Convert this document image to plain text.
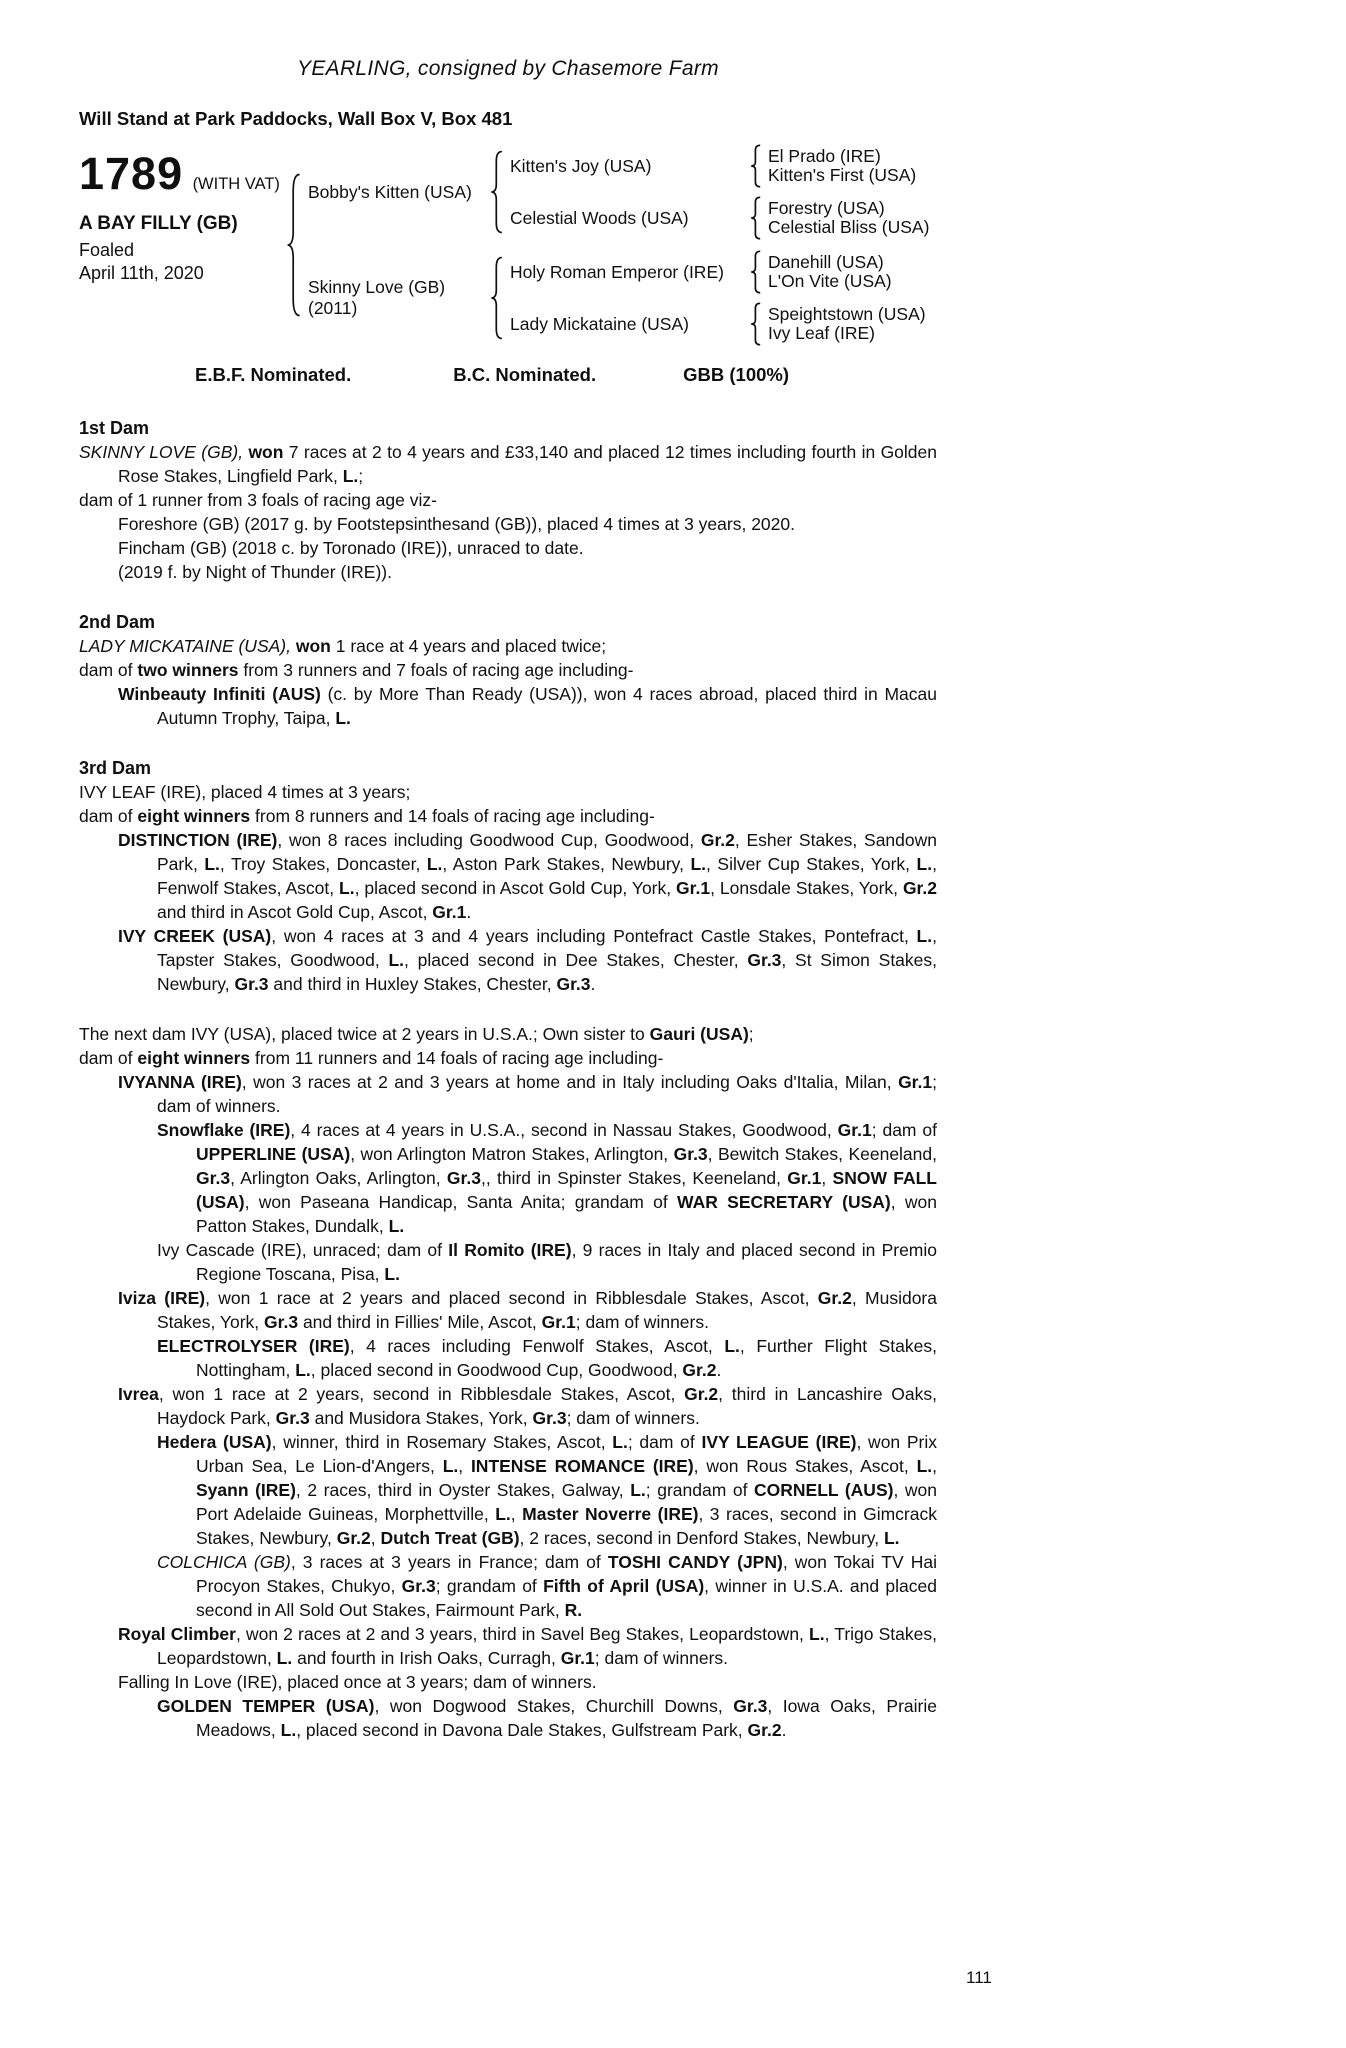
YEARLING, consigned by Chasemore Farm
Will Stand at Park Paddocks, Wall Box V, Box 481
1789 (WITH VAT)
A BAY FILLY (GB)
Foaled
April 11th, 2020
Bobby's Kitten (USA)
Kitten's Joy (USA)	El Prado (IRE)
Kitten's First (USA)
Celestial Woods (USA)	Forestry (USA)
Celestial Bliss (USA)
Skinny Love (GB)
(2011)
Holy Roman Emperor (IRE)	Danehill (USA)
L'On Vite (USA)
Lady Mickataine (USA)	Speightstown (USA)
Ivy Leaf (IRE)
E.B.F. Nominated.	B.C. Nominated.	GBB (100%)
1st Dam
SKINNY LOVE (GB), won 7 races at 2 to 4 years and £33,140 and placed 12 times including fourth in Golden Rose Stakes, Lingfield Park, L.;
dam of 1 runner from 3 foals of racing age viz-
Foreshore (GB) (2017 g. by Footstepsinthesand (GB)), placed 4 times at 3 years, 2020.
Fincham (GB) (2018 c. by Toronado (IRE)), unraced to date.
(2019 f. by Night of Thunder (IRE)).
2nd Dam
LADY MICKATAINE (USA), won 1 race at 4 years and placed twice;
dam of two winners from 3 runners and 7 foals of racing age including-
Winbeauty Infiniti (AUS) (c. by More Than Ready (USA)), won 4 races abroad, placed third in Macau Autumn Trophy, Taipa, L.
3rd Dam
IVY LEAF (IRE), placed 4 times at 3 years;
dam of eight winners from 8 runners and 14 foals of racing age including-
DISTINCTION (IRE), won 8 races including Goodwood Cup, Goodwood, Gr.2, Esher Stakes, Sandown Park, L., Troy Stakes, Doncaster, L., Aston Park Stakes, Newbury, L., Silver Cup Stakes, York, L., Fenwolf Stakes, Ascot, L., placed second in Ascot Gold Cup, York, Gr.1, Lonsdale Stakes, York, Gr.2 and third in Ascot Gold Cup, Ascot, Gr.1.
IVY CREEK (USA), won 4 races at 3 and 4 years including Pontefract Castle Stakes, Pontefract, L., Tapster Stakes, Goodwood, L., placed second in Dee Stakes, Chester, Gr.3, St Simon Stakes, Newbury, Gr.3 and third in Huxley Stakes, Chester, Gr.3.
The next dam IVY (USA), placed twice at 2 years in U.S.A.; Own sister to Gauri (USA);
dam of eight winners from 11 runners and 14 foals of racing age including-
IVYANNA (IRE), won 3 races at 2 and 3 years at home and in Italy including Oaks d'Italia, Milan, Gr.1; dam of winners.
Snowflake (IRE), 4 races at 4 years in U.S.A., second in Nassau Stakes, Goodwood, Gr.1; dam of UPPERLINE (USA), won Arlington Matron Stakes, Arlington, Gr.3, Bewitch Stakes, Keeneland, Gr.3, Arlington Oaks, Arlington, Gr.3,, third in Spinster Stakes, Keeneland, Gr.1, SNOW FALL (USA), won Paseana Handicap, Santa Anita; grandam of WAR SECRETARY (USA), won Patton Stakes, Dundalk, L.
Ivy Cascade (IRE), unraced; dam of Il Romito (IRE), 9 races in Italy and placed second in Premio Regione Toscana, Pisa, L.
Iviza (IRE), won 1 race at 2 years and placed second in Ribblesdale Stakes, Ascot, Gr.2, Musidora Stakes, York, Gr.3 and third in Fillies' Mile, Ascot, Gr.1; dam of winners.
ELECTROLYSER (IRE), 4 races including Fenwolf Stakes, Ascot, L., Further Flight Stakes, Nottingham, L., placed second in Goodwood Cup, Goodwood, Gr.2.
Ivrea, won 1 race at 2 years, second in Ribblesdale Stakes, Ascot, Gr.2, third in Lancashire Oaks, Haydock Park, Gr.3 and Musidora Stakes, York, Gr.3; dam of winners.
Hedera (USA), winner, third in Rosemary Stakes, Ascot, L.; dam of IVY LEAGUE (IRE), won Prix Urban Sea, Le Lion-d'Angers, L., INTENSE ROMANCE (IRE), won Rous Stakes, Ascot, L., Syann (IRE), 2 races, third in Oyster Stakes, Galway, L.; grandam of CORNELL (AUS), won Port Adelaide Guineas, Morphettville, L., Master Noverre (IRE), 3 races, second in Gimcrack Stakes, Newbury, Gr.2, Dutch Treat (GB), 2 races, second in Denford Stakes, Newbury, L.
COLCHICA (GB), 3 races at 3 years in France; dam of TOSHI CANDY (JPN), won Tokai TV Hai Procyon Stakes, Chukyo, Gr.3; grandam of Fifth of April (USA), winner in U.S.A. and placed second in All Sold Out Stakes, Fairmount Park, R.
Royal Climber, won 2 races at 2 and 3 years, third in Savel Beg Stakes, Leopardstown, L., Trigo Stakes, Leopardstown, L. and fourth in Irish Oaks, Curragh, Gr.1; dam of winners.
Falling In Love (IRE), placed once at 3 years; dam of winners.
GOLDEN TEMPER (USA), won Dogwood Stakes, Churchill Downs, Gr.3, Iowa Oaks, Prairie Meadows, L., placed second in Davona Dale Stakes, Gulfstream Park, Gr.2.
111
